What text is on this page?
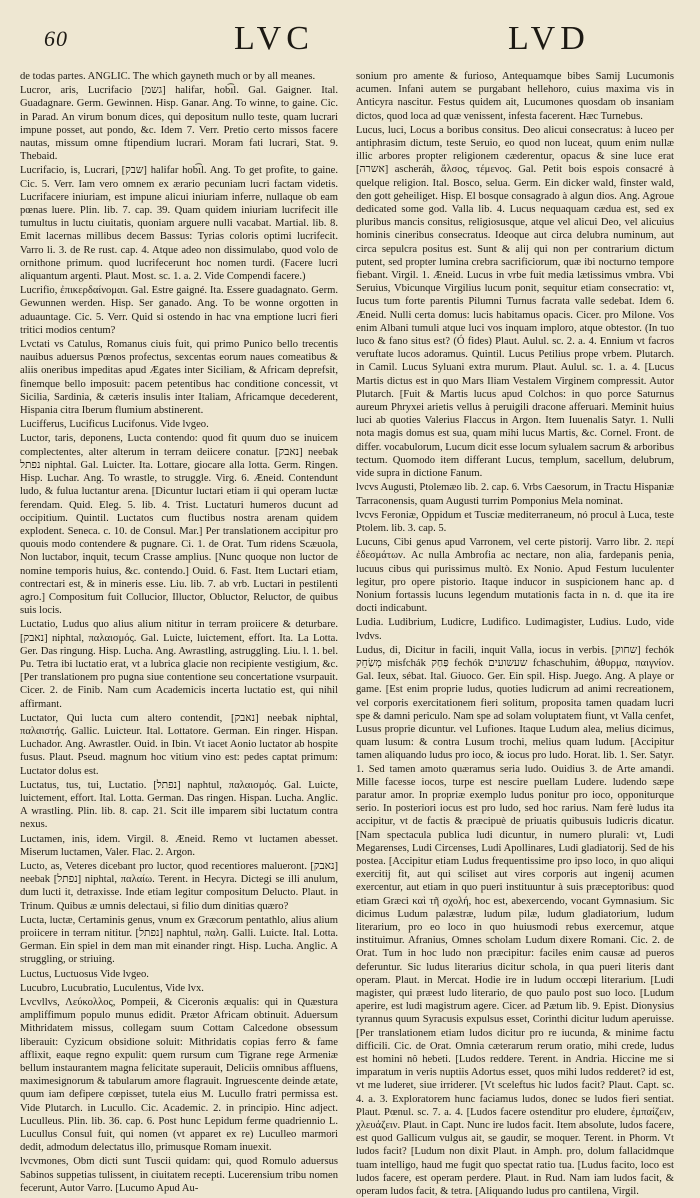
60	LVC	LVD

de todas partes. ANGLIC. The which gayneth much or by all meanes.

Lucror, aris, Lucrifacio [גשמ] halifar, hob͡ıl. Gal. Gaigner. Ital. Guadagnare. Germ. Gewinnen. Hisp. Ganar. Ang. To winne, to gaine. Cic. in Parad. An virum bonum dices, qui depositum nullo teste, quam lucrari impune posset, aut pondo, &c. Idem 7. Verr. Pretio certo missos facere nautas, missum omne ftipendium lucrari. Moram fati lucrari, Stat. 9. Thebaid.

Lucrifacio, is, Lucrari, [שבק] halifar hob͡ıl. Ang. To get profite, to gaine. Cic. 5. Verr. Iam vero omnem ex ærario pecuniam lucri factam videtis. Lucrifacere iniuriam, est impune alicui iniuriam inferre, nullaque ob eam pœnas luere. Plin. lib. 7. cap. 39. Quam quidem iniuriam lucrifecit ille tumultus in luctu ciuitatis, quoniam arguere nulli vacabat. Martial. lib. 8. Emit lacernas millibus decem Bassus: Tyrias coloris optimi lucrifecit. Varro li. 3. de Re rust. cap. 4. Atque adeo non dissimulabo, quod volo de ornithone primum. quod lucrifecerunt hoc nomen turdi. (Facere lucri aliquantum argenti. Plaut. Most. sc. 1. a. 2. Vide Compendi facere.)

Lucrifio, ἐπικερδαίνομαι. Gal. Estre gaigné. Ita. Essere guadagnato. Germ. Gewunnen werden. Hisp. Ser ganado. Ang. To be wonne orgotten in aduauntage. Cic. 5. Verr. Quid si ostendo in hac vna emptione lucri fieri tritici modios centum?

Lvctati vs Catulus, Romanus ciuis fuit, qui primo Punico bello trecentis nauibus aduersus Pœnos profectus, sexcentas eorum naues comeatibus & aliis oneribus impeditas apud Ægates inter Siciliam, & Africam deprefsit, finemque bello imposuit: pacem petentibus hac conditione concessit, vt Sicilia, Sardinia, & cæteris insulis inter Italiam, Africamque decederent, Hispania citra Iberum flumium abstinerent.

Lucifferus, Lucificus Lucifonus. Vide lvgeo.

Luctor, taris, deponens, Lucta contendo: quod fit quum duo se inuicem complectentes, alter alterum in terram deiicere conatur. [נאבק] neebak נפתל niphtal. Gal. Luicter. Ita. Lottare, giocare alla lotta. Germ. Ringen. Hisp. Luchar. Ang. To wrastle, to struggle. Virg. 6. Æneid. Contendunt ludo, & fulua luctantur arena. [Dicuntur luctari etiam ii qui operam luctæ ferendam. Quid. Eleg. 5. lib. 4. Trist. Luctaturi humeros ducunt ad occipitium. Quintil. Luctatos cum fluctibus nostra arenam quidem explodent. Seneca. c. 10. de Consul. Mar.] Per translationem accipitur pro quouis modo contendere & pugnare. Ci. 1. de Orat. Tum ridens Scæuola, Non luctabor, inquit, tecum Crasse amplius. [Nunc quoque non luctor de nomine temporis huius, &c. contendo.] Ouid. 6. Fast. Item Luctari etiam, contrectari est, & in mineris esse. Liu. lib. 7. ab vrb. Luctari in pestilenti agro.] Compositum fuit Collucior, Illuctor, Obluctor, Reluctor, de quibus suis locis.

Luctatio, Ludus quo alius alium nititur in terram proiicere & deturbare. [נאבק] niphtal, παλαισμός. Gal. Luicte, luictement, effort. Ita. La Lotta. Ger. Das ringung. Hisp. Lucha. Ang. Awrastling, astruggling. Liu. l. 1. bel. Pu. Tetra ibi luctatio erat, vt a lubrica glacie non recipiente vestigium, &c. [Per translationem pro pugna siue contentione seu concertatione vsurpauit. Cicer. 2. de Finib. Nam cum Academicis incerta luctatio est, qui nihil affirmant.

Luctator, Qui lucta cum altero contendit, [נאבק] neebak niphtal, παλαιστής. Gallic. Luicteur. Ital. Lottatore. German. Ein ringer. Hispan. Luchador. Ang. Awrastler. Ouid. in Ibin. Vt iacet Aonio luctator ab hospite fusus. Plaut. Pseud. magnum hoc vitium vino est: pedes captat primum: Luctator dolus est.

Luctatus, tus, tui, Luctatio. [נפתל] naphtul, παλαισμός. Gal. Luicte, luictement, effort. Ital. Lotta. German. Das ringen. Hispan. Lucha. Anglic. A wrastling. Plin. lib. 8. cap. 21. Scit ille imparem sibi luctatum contra nexus.

Luctamen, inis, idem. Virgil. 8. Æneid. Remo vt luctamen abesset. Miserum luctamen, Valer. Flac. 2. Argon.

Lucto, as, Veteres dicebant pro luctor, quod recentiores malueront. [נאבק] neebak [נפתל] niphtal, παλαίω. Terent. in Hecyra. Dictegi se illi anulum, dum lucti it, detraxisse. Inde etiam legitur compositum Delucto. Plaut. in Trinum. Quibus æ umnis delectaui, si filio dum dinitias quæro?

Lucta, luctæ, Certaminis genus, vnum ex Græcorum pentathlo, alius alium proiicere in terram nititur. [נפתל] naphtul, παλη. Galli. Luicte. Ital. Lotta. German. Ein spiel in dem man mit einander ringt. Hisp. Lucha. Anglic. A struggling, or striuing.

Luctus, Luctuosus Vide lvgeo.

Lucubro, Lucubratio, Luculentus, Vide lvx.

Lvcvllvs, Λεύκολλος, Pompeii, & Ciceronis æqualis: qui in Quæstura ampliffimum populo munus edidit. Prætor Africam obtinuit. Aduersum Mithridatem missus, collegam suum Cottam Calcedone obsessum liberauit: Cyzicum obsidione soluit: Mithridatis copias ferro & fame afflixit, eaque regno expulit: quem rursum cum Tigrane rege Armeniæ bellum instaurantem magna felicitate superauit, Deliciis omnibus affluens, maximesignorum & tabularum amore flagrauit. Ingruescente deinde ætate, quum iam defipere cœpisset, tutela eius M. Lucullo fratri permissa est. Vide Plutarch. in Lucullo. Cic. Academic. 2. in principio. Hinc adject. Luculleus. Plin. lib. 36. cap. 6. Post hunc Lepidum ferme quadriennio L. Lucullus Consul fuit, qui nomen (vt apparet ex re) Luculleo marmori dedit, admodum delectatus illo, primusque Romam inuexit.

lvcvmones, Obm dicti sunt Tuscii quidam: qui, quod Romulo aduersus Sabinos suppetias tulissent, in ciuitatem recepti. Lucerensium tribu nomen fecerunt, Autor Varro. [Lucumo Apud Au-

sonium pro amente & furioso, Antequamque bibes Samij Lucumonis acumen. Infani autem se purgabant hellehoro, cuius maxima vis in Anticyra nascitur. Festus quidem ait, Lucumones quosdam ob insaniam dictos, quod loca ad quæ venissent, infesta facerent. Hæc Turnebus.

Lucus, luci, Locus a boribus consitus. Deo alicui consecratus: à luceo per antiphrasim dictum, teste Seruio, eo quod non luceat, quum enim nullæ illic arbores propter religionem cæderentur, opacus & sine luce erat [אשרה] ascheráh, ἄλσος, τέμενος. Gal. Petit bois espois consacré à quelque religion. Ital. Bosco, selua. Germ. Ein dicker wald, finster wald, den gott geheiliget. Hisp. El bosque consagrado à algun dios. Ang. Agroue dedicated some god. Valla lib. 4. Lucus nequaquam cædua est, sed ex pluribus mancis consitus, religiosusque, atque vel alicui Deo, vel alicuius hominis cineribus consecratus. Ideoque aut circa delubra numinum, aut circa sepulcra positus est. Sunt & alij qui non per contrarium dictum putent, sed propter lumina crebra sacrificiorum, quæ ibi nocturno tempore fiebant. Virgil. 1. Æneid. Lucus in vrbe fuit media lætissimus vmbra. Vbi Seruius, Vbicunque Virgilius lucum ponit, sequitur etiam consecratio: vt, Iucus tum forte parentis Pilumni Turnus facrata valle sedebat. Idem 6. Æneid. Nulli certa domus: lucis habitamus opacis. Cicer. pro Milone. Vos enim Albani tumuli atque luci vos inquam imploro, atque obtestor. (In tuo luco & fano situs est? (Ó fides) Plaut. Aulul. sc. 2. a. 4. Ennium vt facros veruftate lucos adoramus. Quintil. Lucus Petilius prope vrbem. Plutarch. in Camil. Lucus Syluani extra murum. Plaut. Aulul. sc. 1. a. 4. [Lucus Martis dictus est in quo Mars Iliam Vestalem Virginem compressit. Autor Plutarch. [Fuit & Martis lucus apud Colchos: in quo porce Saturnus aureum Phryxei arietis vellus à peruigili dracone afferuari. Meminit huius luci ab quoties Valerius Flaccus in Argon. Item Iuuenalis Satyr. 1. Nulli nota magis domus est sua, quam mihi lucus Martis, &c. Cornel. Front. de differ. vocabulorum, Lucum dicit esse locum sylualem sacrum & arboribus tectum. Quomodo item differant Lucus, templum, sacellum, delubrum, vide supra in dictione Fanum.

lvcvs Augusti, Ptolemæo lib. 2. cap. 6. Vrbs Caesorum, in Tractu Hispaniæ Tarraconensis, quam Augusti turrim Pomponius Mela nominat.

lvcvs Feroniæ, Oppidum et Tusciæ mediterraneum, nó procul à Luca, teste Ptolem. lib. 3. cap. 5.

Lucuns, Cibi genus apud Varronem, vel certe pistorij. Varro libr. 2. περί ἐδεσμάτων. Ac nulla Ambrofia ac nectare, non alia, fardepanis penia, lucuus cibus qui purissimus multò. Ex Nonio. Apud Festum luculenter legitur, pro opere pistorio. Itaque inducor in suspicionem hanc ap. d Nonium fortassis lucuns legendum mutationis facta in n. d. que ita ire docti indicabunt.

Ludia. Ludibrium, Ludicre, Ludifico. Ludimagister, Ludius. Ludo, vide lvdvs.

Ludus, di, Dicitur in facili, inquit Valla, iocus in verbis. [שחוק] fechók מְשַׂחֵק misfchák פַּחַק fechók שעשועים fchaschuhim, ἀθυρμα, παιγνίον. Gal. Ieux, sébat. Ital. Giuoco. Ger. Ein spil. Hisp. Juego. Ang. A playe or game. [Est enim proprie ludus, quoties ludicrum ad animi recreationem, vel corporis exercitationem fieri solitum, proposita tamen quadam lucri spe & damni periculo. Nam spe ad solam voluptatem fiunt, vt Valla cenfet, Lusus proprie dicuntur. vel Lufiones. Itaque Ludum alea, melius dicimus, quam lusum: & contra Lusum trochi, melius quam ludum. [Accipitur tamen aliquando ludus pro ioco, & iocus pro ludo. Horat. lib. 1. Ser. Satyr. 1. Sed tamen amoto quæramus seria ludo. Ouidius 3. de Arte amandi. Mille facesse iocos, turpe est nescire puellam Ludere. ludendo sæpe paratur amor. In propriæ exemplo ludus ponitur pro ioco, opponiturque serio. In posteriori iocus est pro ludo, sed hoc rarius. Nam ferè ludus ita accipitur, vt de factis & præcipuè de priuatis quibusuis ludicris dicatur. [Nam spectacula publica ludi dicuntur, in numero plurali: vt, Ludi Megarenses, Ludi Circenses, Ludi Apollinares, Ludi gladiatorij. Sed de his postea. [Accipitur etiam Ludus frequentissime pro ipso loco, in quo aliqui exercitij fit, aut qui sciliset aut vires corporis aut ingenij acumen exercentur, aut etiam in quo pueri instituuntur à suis præceptoribus: quod etiam Græci καὶ τῆ σχολή, hoc est, abexercendo, vocant Gymnasium. Sic dicimus Ludum palæstræ, ludum pilæ, ludum gladiatorium, ludum literarium, pro eo loco in quo huiusmodi rebus exercemur, atque instituimur. Afranius, Omnes scholam Ludum dixere Romani. Cic. 2. de Orat. Tum in hoc ludo non præcipitur: faciles enim causæ ad pueros deferuntur. Sic ludus literarius dicitur schola, in qua pueri literis dant operam. Plaut. in Mercat. Hodie ire in ludum occœpi literarium. [Ludi magister, qui præest ludo literario, de quo paulo post suo loco. [Ludum aperire, est ludi magistrum agere. Cicer. ad Pætum lib. 9. Epist. Dionysius tyrannus quum Syracusis expulsus esset, Corinthi dicitur ludum aperuisse. [Per translationem etiam ludos dicitur pro re iucunda, & minime factu difficili. Cic. de Orat. Omnia cæterarum rerum oratio, mihi crede, ludus est homini nô hebeti. [Ludos reddere. Terent. in Andria. Hiccine me si imparatum in veris nuptiis Adortus esset, quos mihi ludos redderet? id est, vt me luderet, siue irriderer. [Vt sceleftus hic ludos facit? Plaut. Capt. sc. 4. a. 3. Exploratorem hunc faciamus ludos, donec se ludos fieri sentiat. Plaut. Pœnul. sc. 7. a. 4. [Ludos facere ostenditur pro eludere, ἐμπαίζειν, χλευάζειν. Plaut. in Capt. Nunc ire ludos facit. Item absolute, ludos facere, est quod Gallicum vulgus ait, se gaudir, se moquer. Terent. in Phorm. Vt ludos facit? [Ludum non dixit Plaut. in Amph. pro, dolum fallacidmque tuam intelligo, haud me fugit quo spectat ratio tua. [Ludus facito, loco est ludos facere, est operam perdere. Plaut. in Rud. Nam iam ludos facit, & operam ludos facit, & tetra. [Aliquando ludus pro cantilena, Virgil.
